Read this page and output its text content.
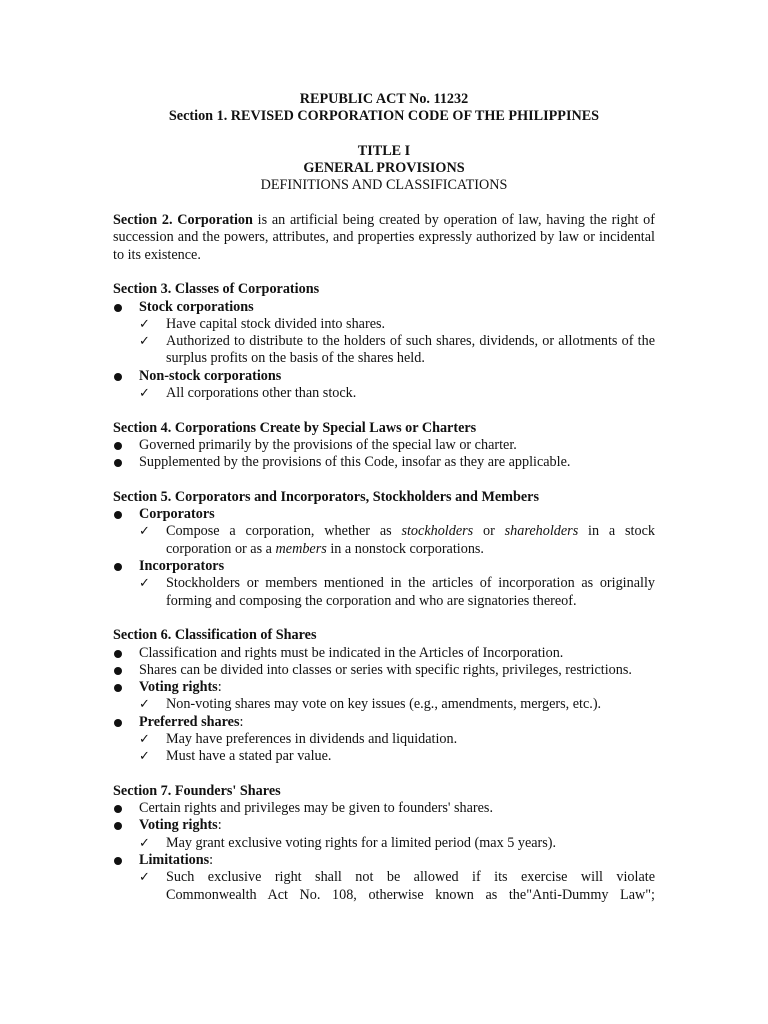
REPUBLIC ACT No. 11232
Section 1. REVISED CORPORATION CODE OF THE PHILIPPINES
TITLE I
GENERAL PROVISIONS
DEFINITIONS AND CLASSIFICATIONS

Section 2. Corporation is an artificial being created by operation of law, having the right of succession and the powers, attributes, and properties expressly authorized by law or incidental to its existence.

Section 3. Classes of Corporations
Stock corporations
✓ Have capital stock divided into shares.
✓ Authorized to distribute to the holders of such shares, dividends, or allotments of the surplus profits on the basis of the shares held.
Non-stock corporations
✓ All corporations other than stock.
Section 4. Corporations Create by Special Laws or Charters
Governed primarily by the provisions of the special law or charter.
Supplemented by the provisions of this Code, insofar as they are applicable.
Section 5. Corporators and Incorporators, Stockholders and Members
Corporators
✓ Compose a corporation, whether as stockholders or shareholders in a stock corporation or as a members in a nonstock corporations.
Incorporators
✓ Stockholders or members mentioned in the articles of incorporation as originally forming and composing the corporation and who are signatories thereof.
Section 6. Classification of Shares
Classification and rights must be indicated in the Articles of Incorporation.
Shares can be divided into classes or series with specific rights, privileges, restrictions.
Voting rights:
✓ Non-voting shares may vote on key issues (e.g., amendments, mergers, etc.).
Preferred shares:
✓ May have preferences in dividends and liquidation.
✓ Must have a stated par value.
Section 7. Founders' Shares
Certain rights and privileges may be given to founders' shares.
Voting rights:
✓ May grant exclusive voting rights for a limited period (max 5 years).
Limitations:
✓ Such exclusive right shall not be allowed if its exercise will violate
Commonwealth Act No. 108, otherwise known as the"Anti-Dummy Law";
